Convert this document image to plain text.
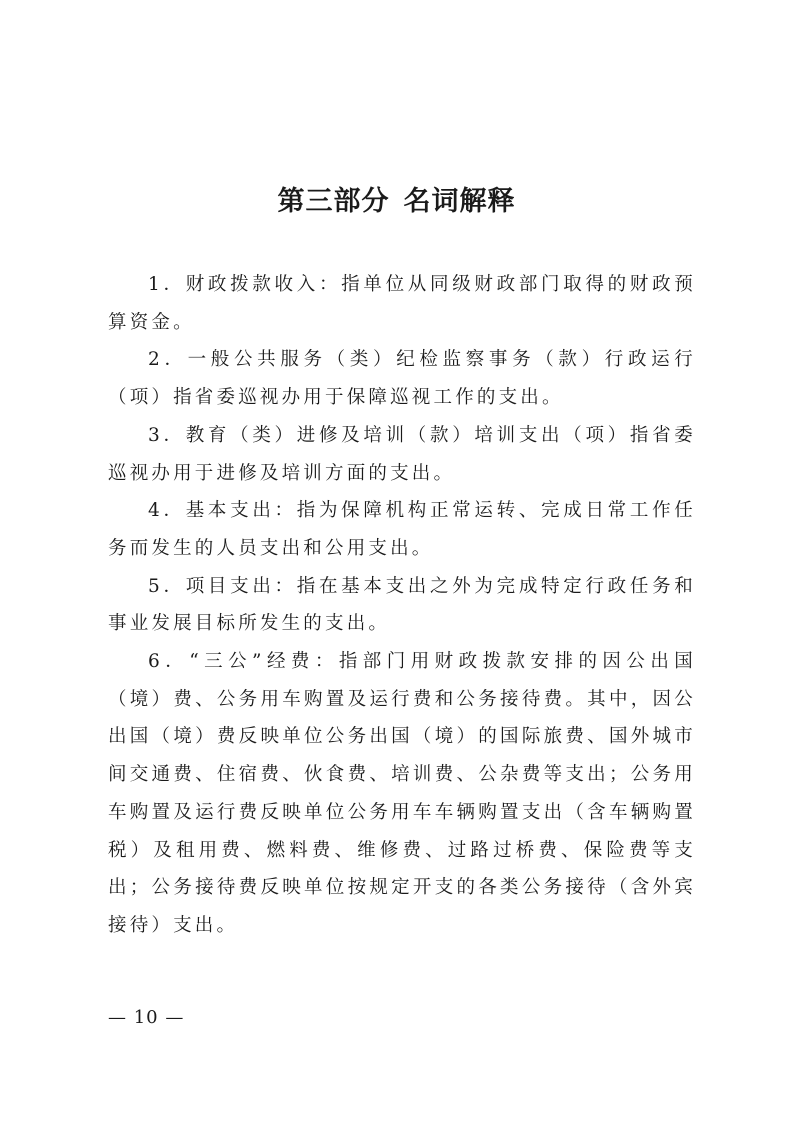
第三部分 名词解释

1．财政拨款收入：指单位从同级财政部门取得的财政预算资金。

2．一般公共服务（类）纪检监察事务（款）行政运行（项）指省委巡视办用于保障巡视工作的支出。

3．教育（类）进修及培训（款）培训支出（项）指省委巡视办用于进修及培训方面的支出。

4．基本支出：指为保障机构正常运转、完成日常工作任务而发生的人员支出和公用支出。

5．项目支出：指在基本支出之外为完成特定行政任务和事业发展目标所发生的支出。

6．“三公”经费：指部门用财政拨款安排的因公出国（境）费、公务用车购置及运行费和公务接待费。其中，因公出国（境）费反映单位公务出国（境）的国际旅费、国外城市间交通费、住宿费、伙食费、培训费、公杂费等支出；公务用车购置及运行费反映单位公务用车车辆购置支出（含车辆购置税）及租用费、燃料费、维修费、过路过桥费、保险费等支出；公务接待费反映单位按规定开支的各类公务接待（含外宾接待）支出。

— 10 —
